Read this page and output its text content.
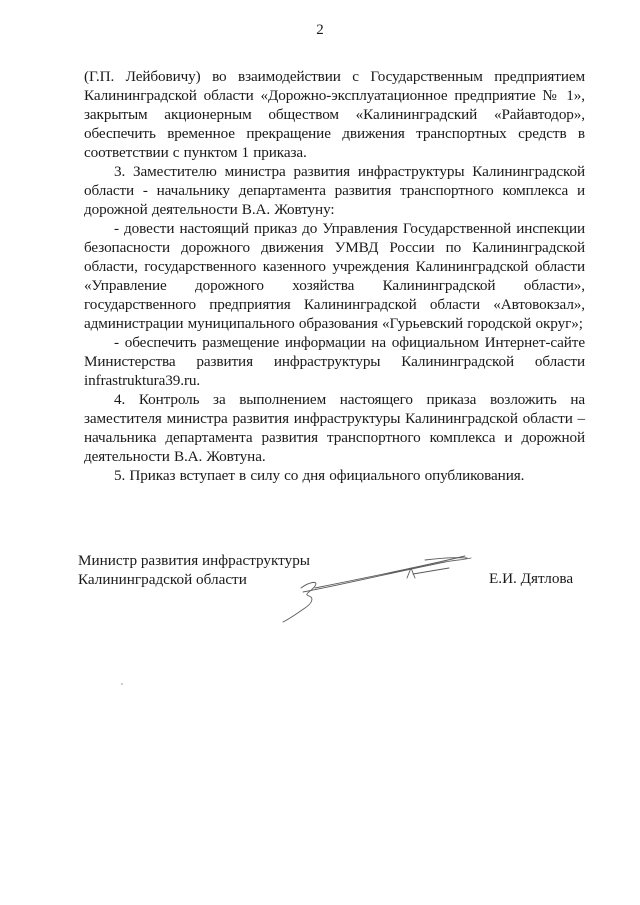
2

(Г.П. Лейбовичу) во взаимодействии с Государственным предприятием Калининградской области «Дорожно-эксплуатационное предприятие № 1», закрытым акционерным обществом «Калининградский «Райавтодор», обеспечить временное прекращение движения транспортных средств в соответствии с пунктом 1 приказа.

3. Заместителю министра развития инфраструктуры Калининградской области - начальнику департамента развития транспортного комплекса и дорожной деятельности В.А. Жовтуну:

- довести настоящий приказ до Управления Государственной инспекции безопасности дорожного движения УМВД России по Калининградской области, государственного казенного учреждения Калининградской области «Управление дорожного хозяйства Калининградской области», государственного предприятия Калининградской области «Автовокзал», администрации муниципального образования «Гурьевский городской округ»;

- обеспечить размещение информации на официальном Интернет-сайте Министерства развития инфраструктуры Калининградской области infrastruktura39.ru.

4. Контроль за выполнением настоящего приказа возложить на заместителя министра развития инфраструктуры Калининградской области – начальника департамента развития транспортного комплекса и дорожной деятельности В.А. Жовтуна.

5. Приказ вступает в силу со дня официального опубликования.

Министр развития инфраструктуры
Калининградской области	Е.И. Дятлова
